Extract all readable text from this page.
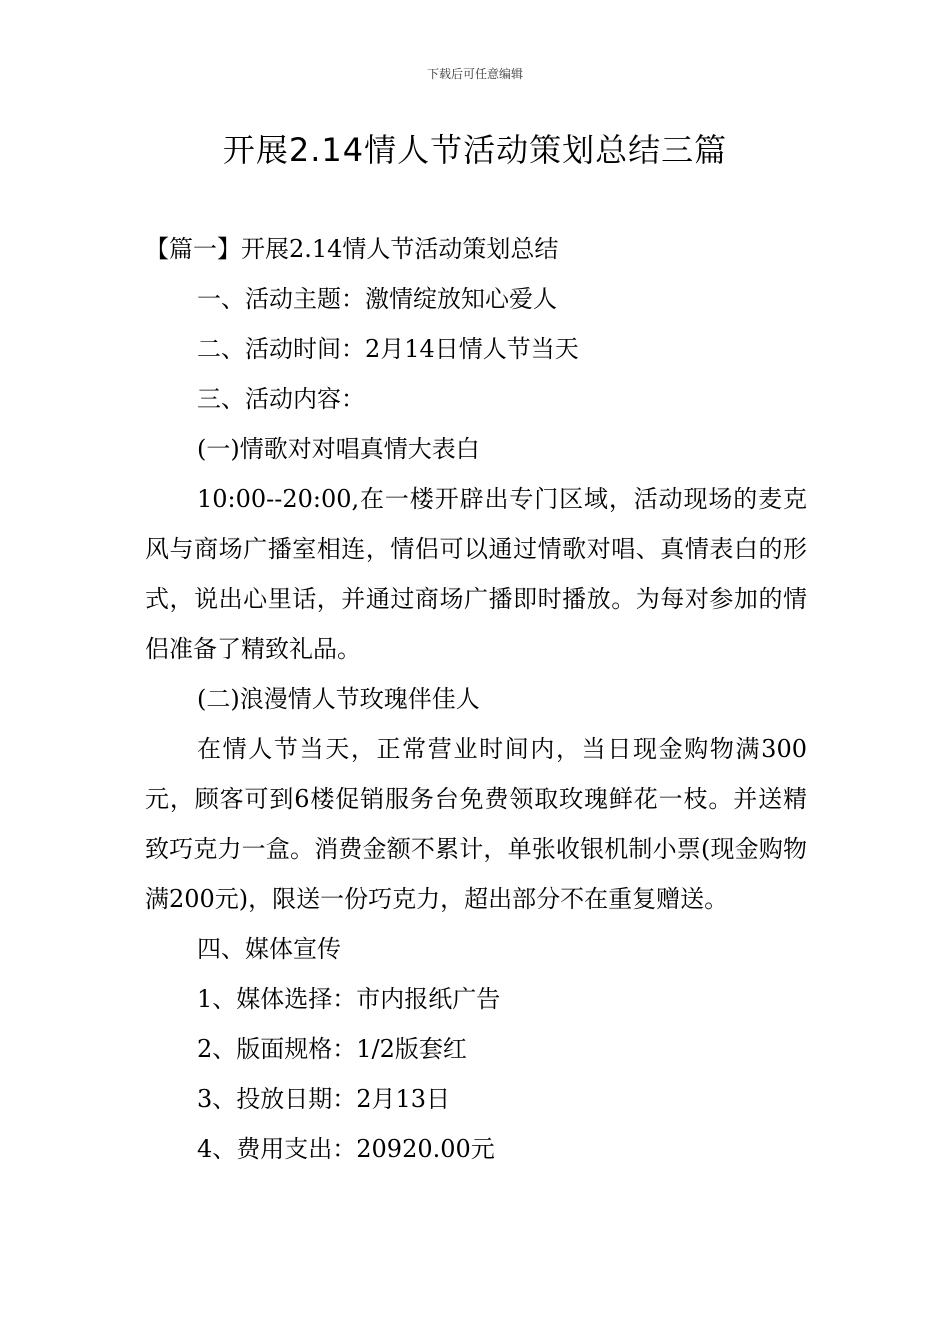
下载后可任意编辑
开展2.14情人节活动策划总结三篇

【篇一】开展2.14情人节活动策划总结

一、活动主题：激情绽放知心爱人

二、活动时间：2月14日情人节当天

三、活动内容：

(一)情歌对对唱真情大表白

10:00--20:00,在一楼开辟出专门区域，活动现场的麦克风与商场广播室相连，情侣可以通过情歌对唱、真情表白的形式，说出心里话，并通过商场广播即时播放。为每对参加的情侣准备了精致礼品。

(二)浪漫情人节玫瑰伴佳人

在情人节当天，正常营业时间内，当日现金购物满300元，顾客可到6楼促销服务台免费领取玫瑰鲜花一枝。并送精致巧克力一盒。消费金额不累计，单张收银机制小票(现金购物满200元)，限送一份巧克力，超出部分不在重复赠送。

四、媒体宣传

1、媒体选择：市内报纸广告

2、版面规格：1/2版套红

3、投放日期：2月13日

4、费用支出：20920.00元
